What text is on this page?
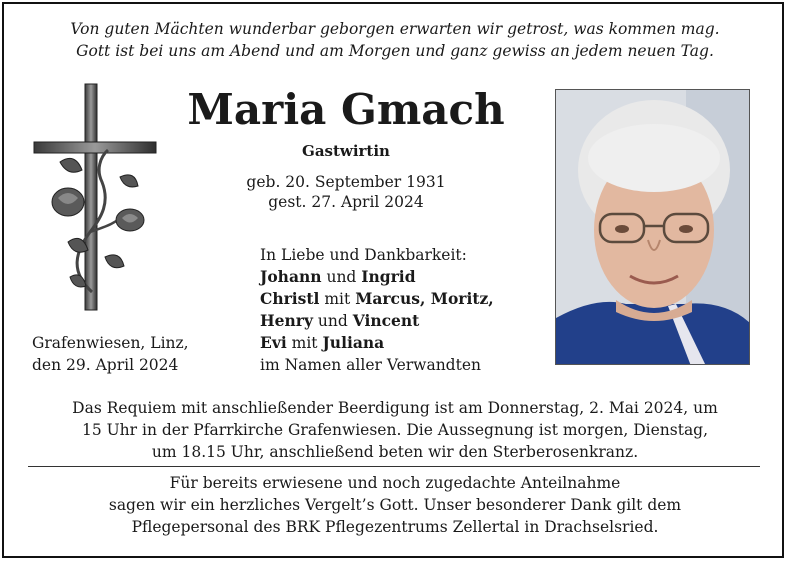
Von guten Mächten wunderbar geborgen erwarten wir getrost, was kommen mag.
Gott ist bei uns am Abend und am Morgen und ganz gewiss an jedem neuen Tag.
Maria Gmach
Gastwirtin
geb. 20. September 1931
gest. 27. April 2024
In Liebe und Dankbarkeit:
Johann und Ingrid
Christl mit Marcus, Moritz,
Henry und Vincent
Evi mit Juliana
im Namen aller Verwandten
Grafenwiesen, Linz,
den 29. April 2024
Das Requiem mit anschließender Beerdigung ist am Donnerstag, 2. Mai 2024, um
15 Uhr in der Pfarrkirche Grafenwiesen. Die Aussegnung ist morgen, Dienstag,
um 18.15 Uhr, anschließend beten wir den Sterberosenkranz.
Für bereits erwiesene und noch zugedachte Anteilnahme
sagen wir ein herzliches Vergelt’s Gott. Unser besonderer Dank gilt dem
Pflegepersonal des BRK Pflegezentrums Zellertal in Drachselsried.
